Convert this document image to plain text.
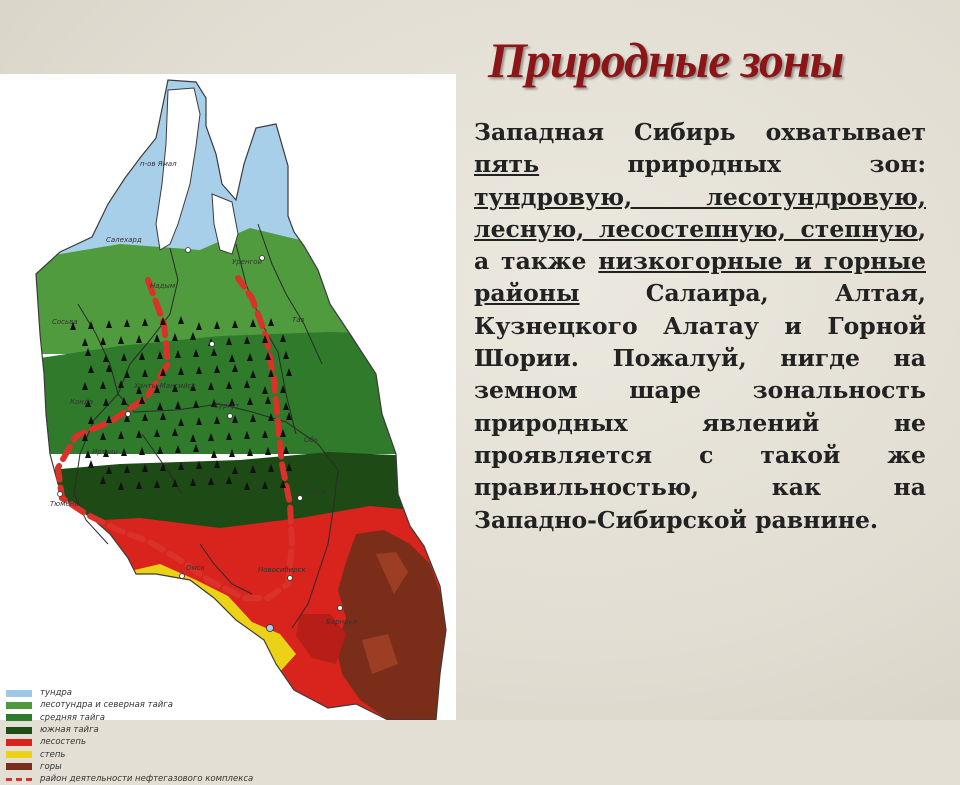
Природные зоны
Западная Сибирь охватывает пять природных зон: тундровую, лесотундровую, лесную, лесостепную, степную, а также низкогорные и горные районы Салаира, Алтая, Кузнецкого Алатау и Горной Шории. Пожалуй, нигде на земном шаре зональность природных явлений не проявляется с такой же правильностью, как на Западно-Сибирской равнине.
п-ов Ямал
Салехард
Уренгой
Надым
Ханты-Мансийск
Сургут
Томск
Омск	Новосибирск
Барнаул
Тюмень
Обь
Иртыш
Таз
Сосьва
Конда
тундра
лесотундра и северная тайга
средняя тайга
южная тайга
лесостепь
степь
горы
район деятельности нефтегазового комплекса
